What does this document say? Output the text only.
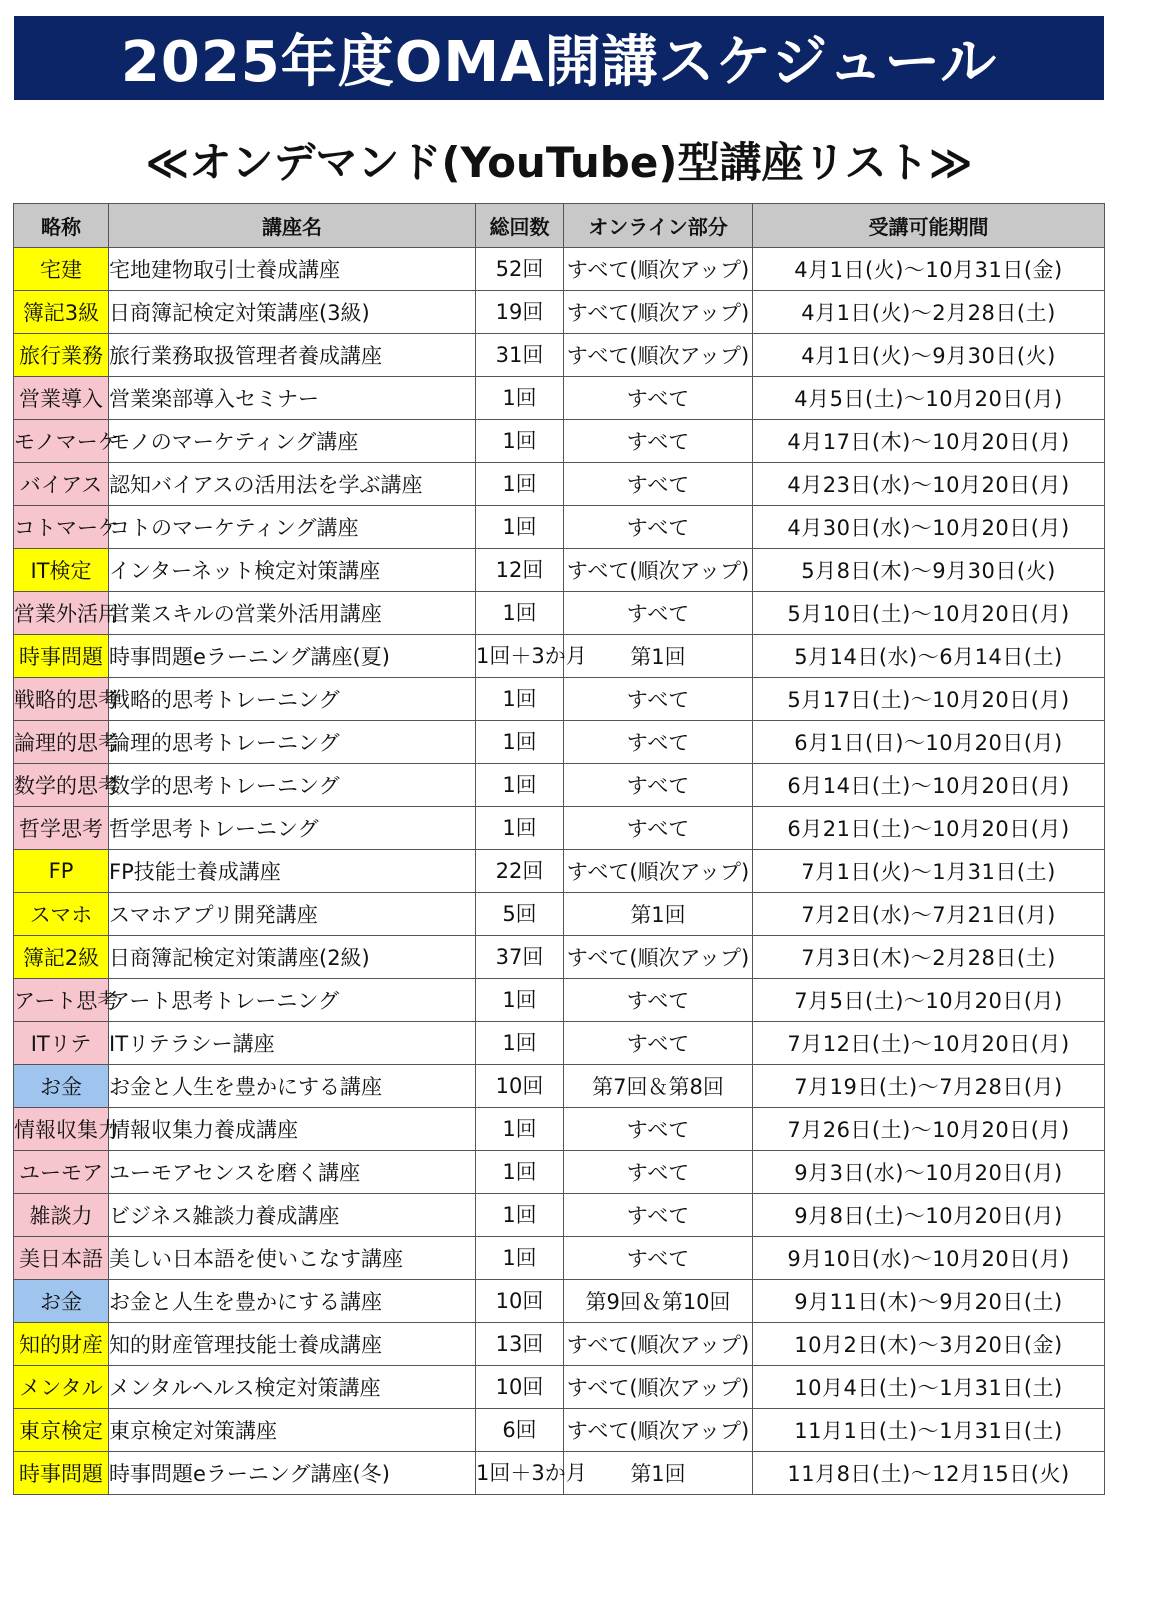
2025年度OMA開講スケジュール
≪オンデマンド(YouTube)型講座リスト≫
略称	講座名	総回数	オンライン部分	受講可能期間
宅建	宅地建物取引士養成講座	52回	すべて(順次アップ)	4月1日(火)～10月31日(金)
簿記3級	日商簿記検定対策講座(3級)	19回	すべて(順次アップ)	4月1日(火)～2月28日(土)
旅行業務	旅行業務取扱管理者養成講座	31回	すべて(順次アップ)	4月1日(火)～9月30日(火)
営業導入	営業楽部導入セミナー	1回	すべて	4月5日(土)～10月20日(月)
モノマーケ	モノのマーケティング講座	1回	すべて	4月17日(木)～10月20日(月)
バイアス	認知バイアスの活用法を学ぶ講座	1回	すべて	4月23日(水)～10月20日(月)
コトマーケ	コトのマーケティング講座	1回	すべて	4月30日(水)～10月20日(月)
IT検定	インターネット検定対策講座	12回	すべて(順次アップ)	5月8日(木)～9月30日(火)
営業外活用	営業スキルの営業外活用講座	1回	すべて	5月10日(土)～10月20日(月)
時事問題	時事問題eラーニング講座(夏)	1回＋3か月	第1回	5月14日(水)～6月14日(土)
戦略的思考	戦略的思考トレーニング	1回	すべて	5月17日(土)～10月20日(月)
論理的思考	論理的思考トレーニング	1回	すべて	6月1日(日)～10月20日(月)
数学的思考	数学的思考トレーニング	1回	すべて	6月14日(土)～10月20日(月)
哲学思考	哲学思考トレーニング	1回	すべて	6月21日(土)～10月20日(月)
FP	FP技能士養成講座	22回	すべて(順次アップ)	7月1日(火)～1月31日(土)
スマホ	スマホアプリ開発講座	5回	第1回	7月2日(水)～7月21日(月)
簿記2級	日商簿記検定対策講座(2級)	37回	すべて(順次アップ)	7月3日(木)～2月28日(土)
アート思考	アート思考トレーニング	1回	すべて	7月5日(土)～10月20日(月)
ITリテ	ITリテラシー講座	1回	すべて	7月12日(土)～10月20日(月)
お金	お金と人生を豊かにする講座	10回	第7回＆第8回	7月19日(土)～7月28日(月)
情報収集力	情報収集力養成講座	1回	すべて	7月26日(土)～10月20日(月)
ユーモア	ユーモアセンスを磨く講座	1回	すべて	9月3日(水)～10月20日(月)
雑談力	ビジネス雑談力養成講座	1回	すべて	9月8日(土)～10月20日(月)
美日本語	美しい日本語を使いこなす講座	1回	すべて	9月10日(水)～10月20日(月)
お金	お金と人生を豊かにする講座	10回	第9回＆第10回	9月11日(木)～9月20日(土)
知的財産	知的財産管理技能士養成講座	13回	すべて(順次アップ)	10月2日(木)～3月20日(金)
メンタル	メンタルヘルス検定対策講座	10回	すべて(順次アップ)	10月4日(土)～1月31日(土)
東京検定	東京検定対策講座	6回	すべて(順次アップ)	11月1日(土)～1月31日(土)
時事問題	時事問題eラーニング講座(冬)	1回＋3か月	第1回	11月8日(土)～12月15日(火)
